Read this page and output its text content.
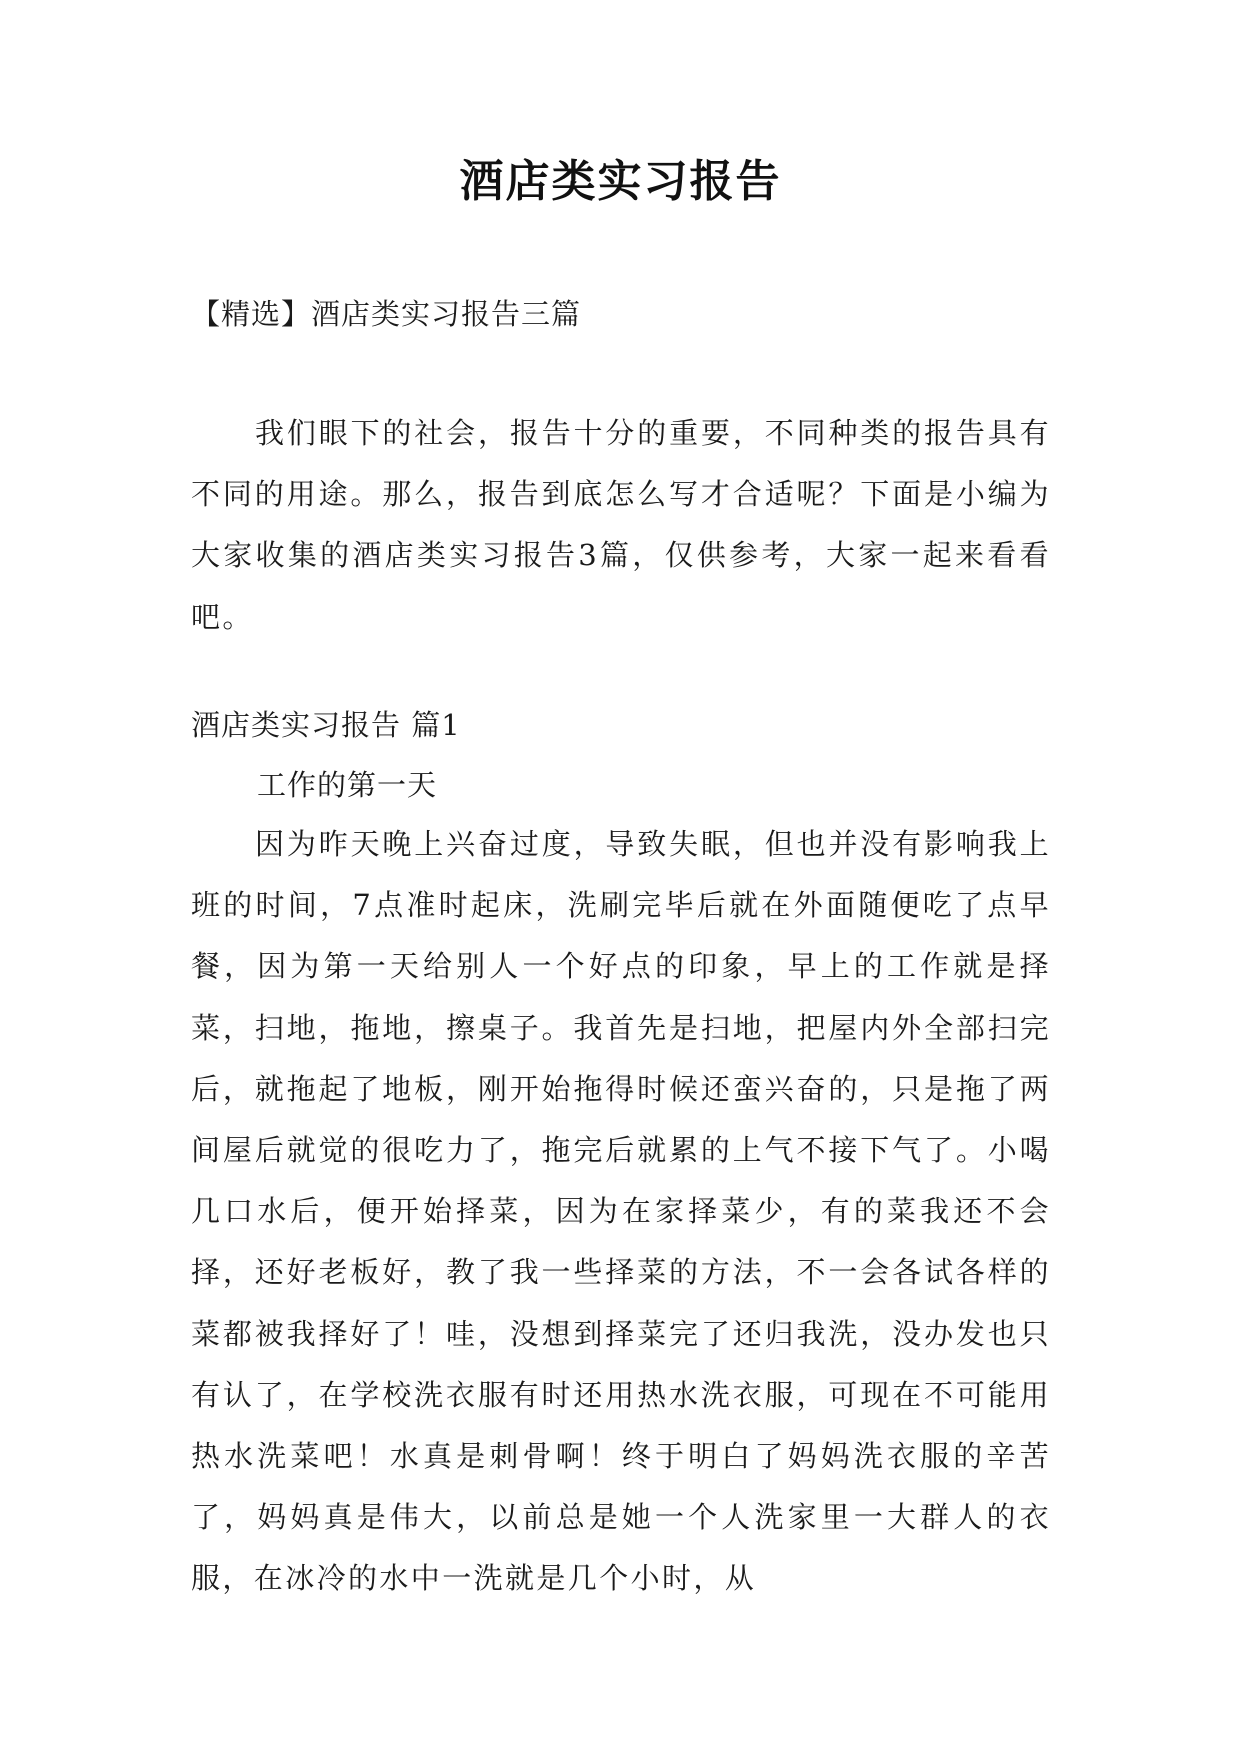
酒店类实习报告
【精选】酒店类实习报告三篇
我们眼下的社会，报告十分的重要，不同种类的报告具有不同的用途。那么，报告到底怎么写才合适呢？下面是小编为大家收集的酒店类实习报告3篇，仅供参考，大家一起来看看吧。
酒店类实习报告 篇1
工作的第一天
因为昨天晚上兴奋过度，导致失眠，但也并没有影响我上班的时间，7点准时起床，洗刷完毕后就在外面随便吃了点早餐，因为第一天给别人一个好点的印象，早上的工作就是择菜，扫地，拖地，擦桌子。我首先是扫地，把屋内外全部扫完后，就拖起了地板，刚开始拖得时候还蛮兴奋的，只是拖了两间屋后就觉的很吃力了，拖完后就累的上气不接下气了。小喝几口水后，便开始择菜，因为在家择菜少，有的菜我还不会择，还好老板好，教了我一些择菜的方法，不一会各试各样的菜都被我择好了！哇，没想到择菜完了还归我洗，没办发也只有认了，在学校洗衣服有时还用热水洗衣服，可现在不可能用热水洗菜吧！水真是刺骨啊！终于明白了妈妈洗衣服的辛苦了，妈妈真是伟大，以前总是她一个人洗家里一大群人的衣服，在冰冷的水中一洗就是几个小时，从
